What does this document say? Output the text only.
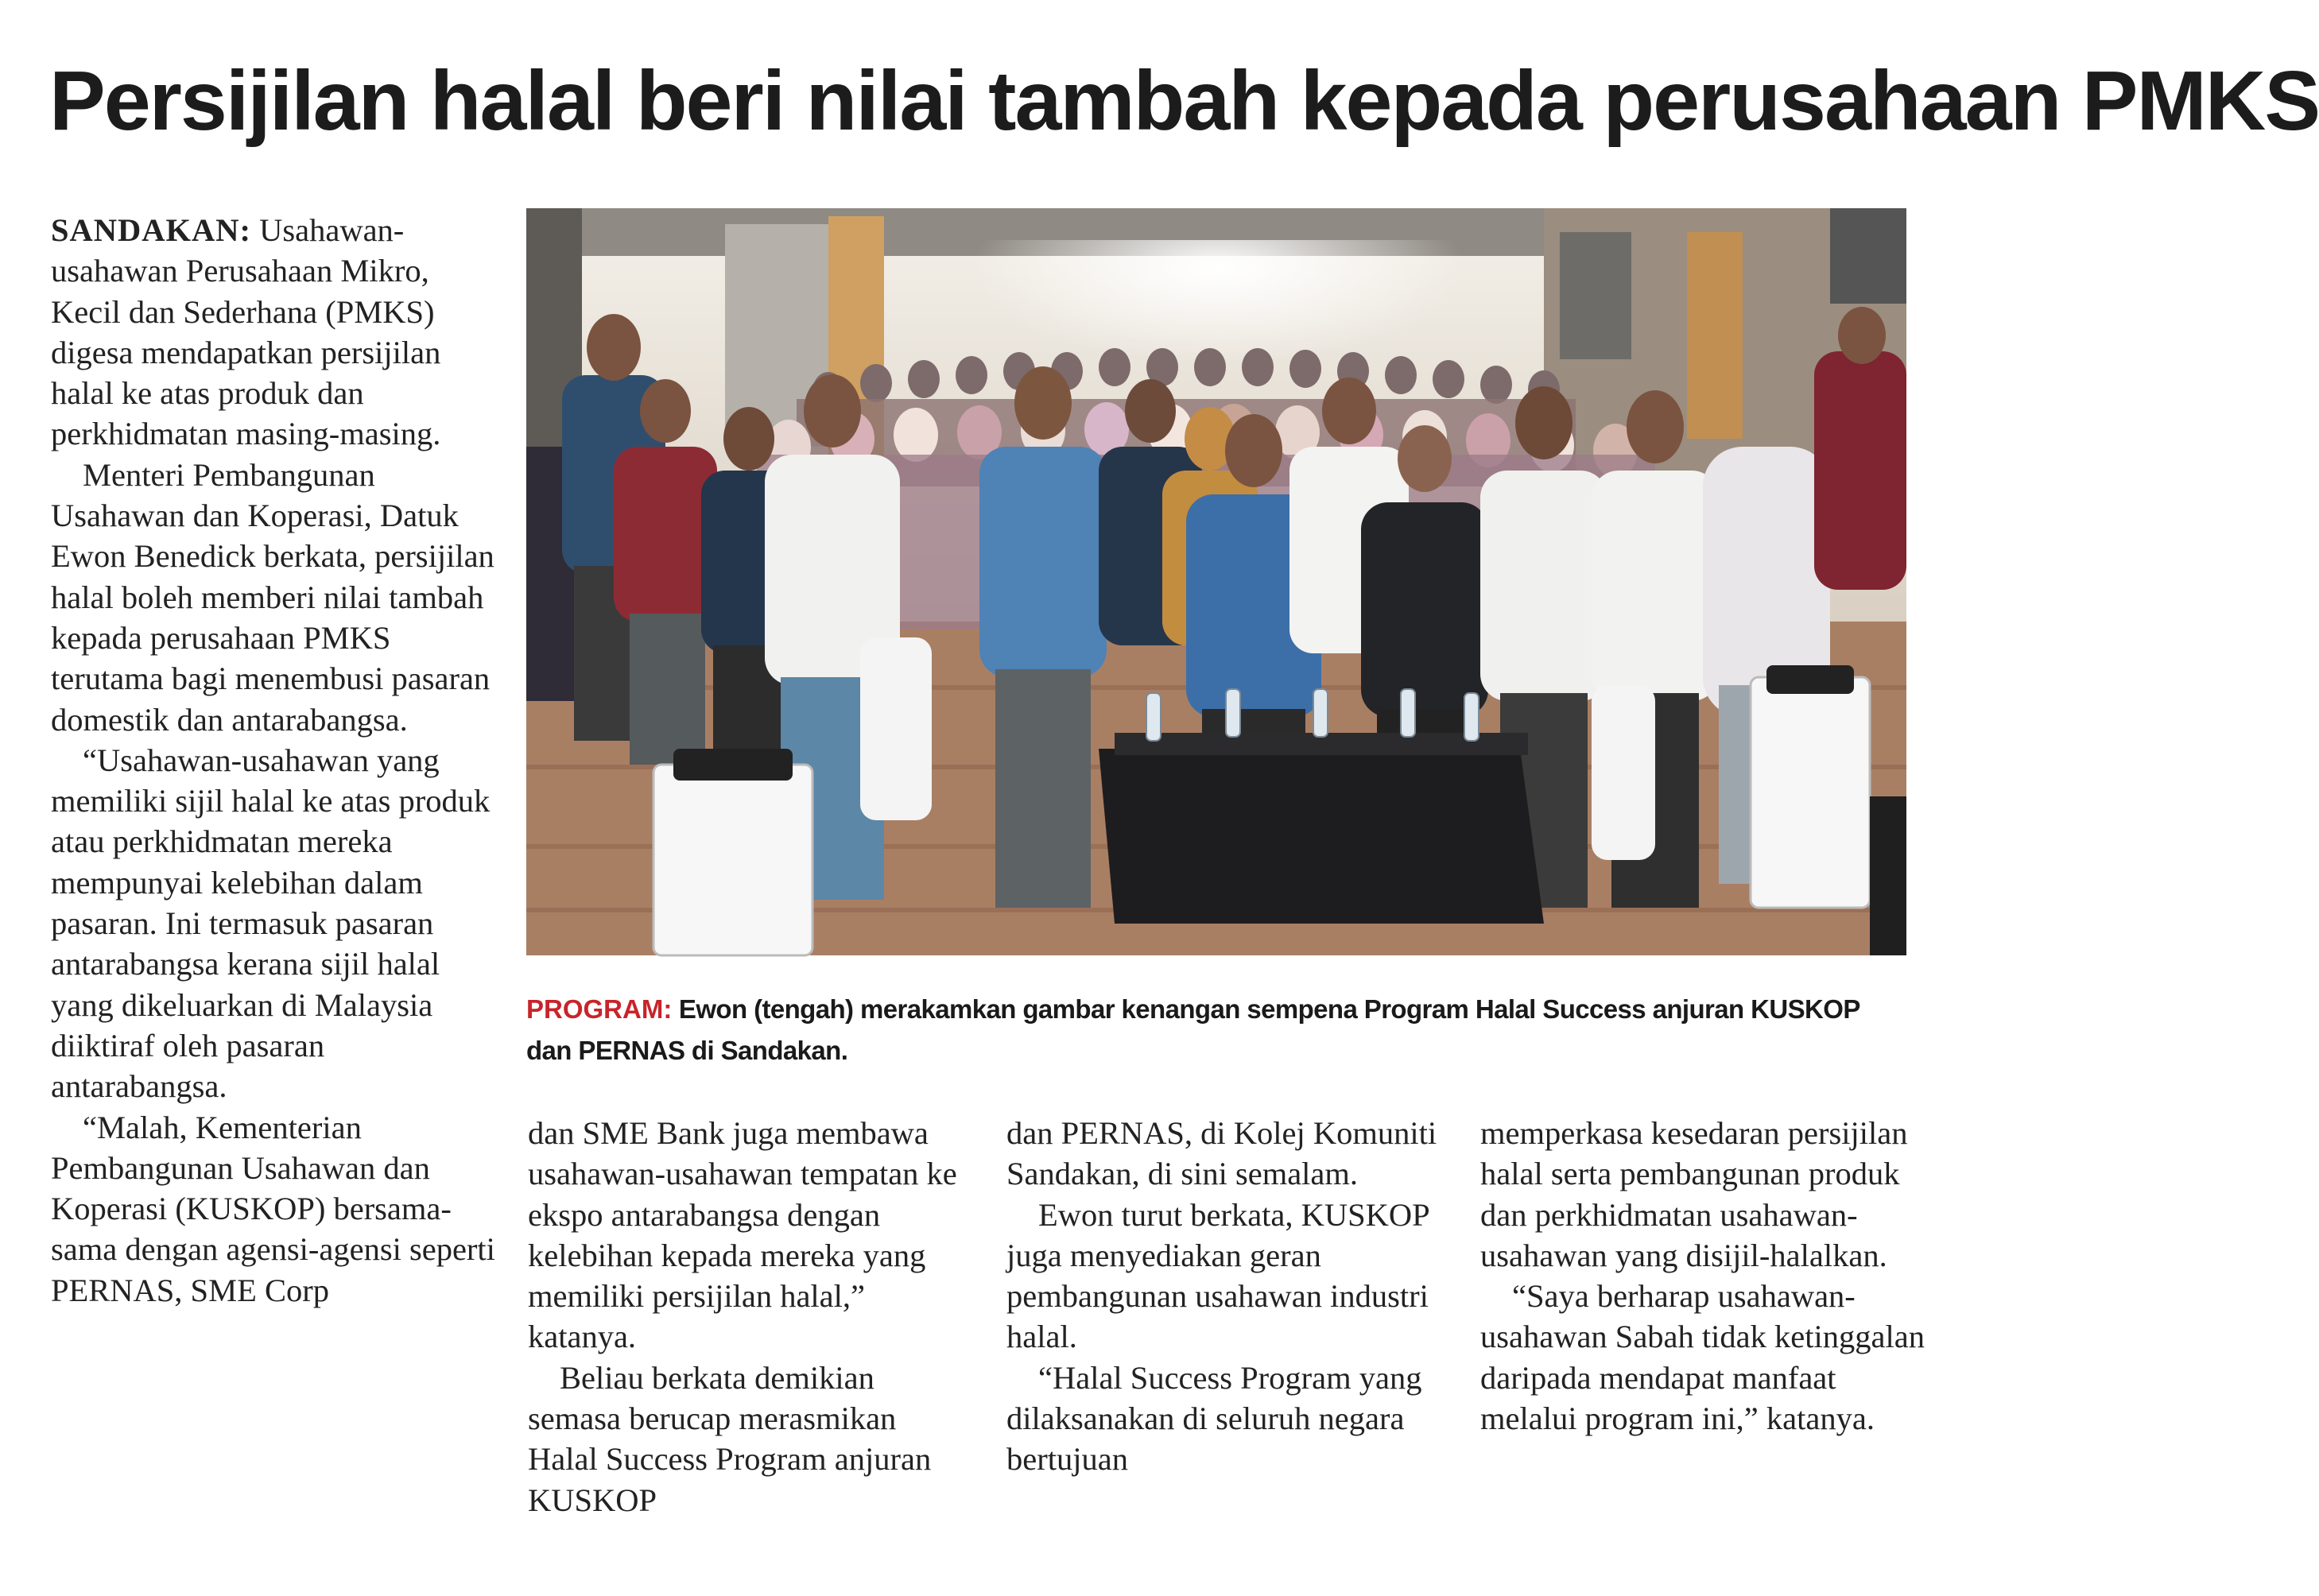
Persijilan halal beri nilai tambah kepada perusahaan PMKS

SANDAKAN: Usahawan-usahawan Perusahaan Mikro, Kecil dan Sederhana (PMKS) digesa mendapatkan persijilan halal ke atas produk dan perkhidmatan masing-masing.

Menteri Pembangunan Usahawan dan Koperasi, Datuk Ewon Benedick berkata, persijilan halal boleh memberi nilai tambah kepada perusahaan PMKS terutama bagi menembusi pasaran domestik dan antarabangsa.

“Usahawan-usahawan yang memiliki sijil halal ke atas produk atau perkhidmatan mereka mempunyai kelebihan dalam pasaran. Ini termasuk pasaran antarabangsa kerana sijil halal yang dikeluarkan di Malaysia diiktiraf oleh pasaran antarabangsa.

“Malah, Kementerian Pembangunan Usahawan dan Koperasi (KUSKOP) bersama-sama dengan agensi-agensi seperti PERNAS, SME Corp

PROGRAM: Ewon (tengah) merakamkan gambar kenangan sempena Program Halal Success anjuran KUSKOP dan PERNAS di Sandakan.

dan SME Bank juga membawa usahawan-usahawan tempatan ke ekspo antarabangsa dengan kelebihan kepada mereka yang memiliki persijilan halal,” katanya.

Beliau berkata demikian semasa berucap merasmikan Halal Success Program anjuran KUSKOP

dan PERNAS, di Kolej Komuniti Sandakan, di sini semalam.

Ewon turut berkata, KUSKOP juga menyediakan geran pembangunan usahawan industri halal.

“Halal Success Program yang dilaksanakan di seluruh negara bertujuan

memperkasa kesedaran persijilan halal serta pembangunan produk dan perkhidmatan usahawan-usahawan yang disijil-halalkan.

“Saya berharap usahawan-usahawan Sabah tidak ketinggalan daripada mendapat manfaat melalui program ini,” katanya.
